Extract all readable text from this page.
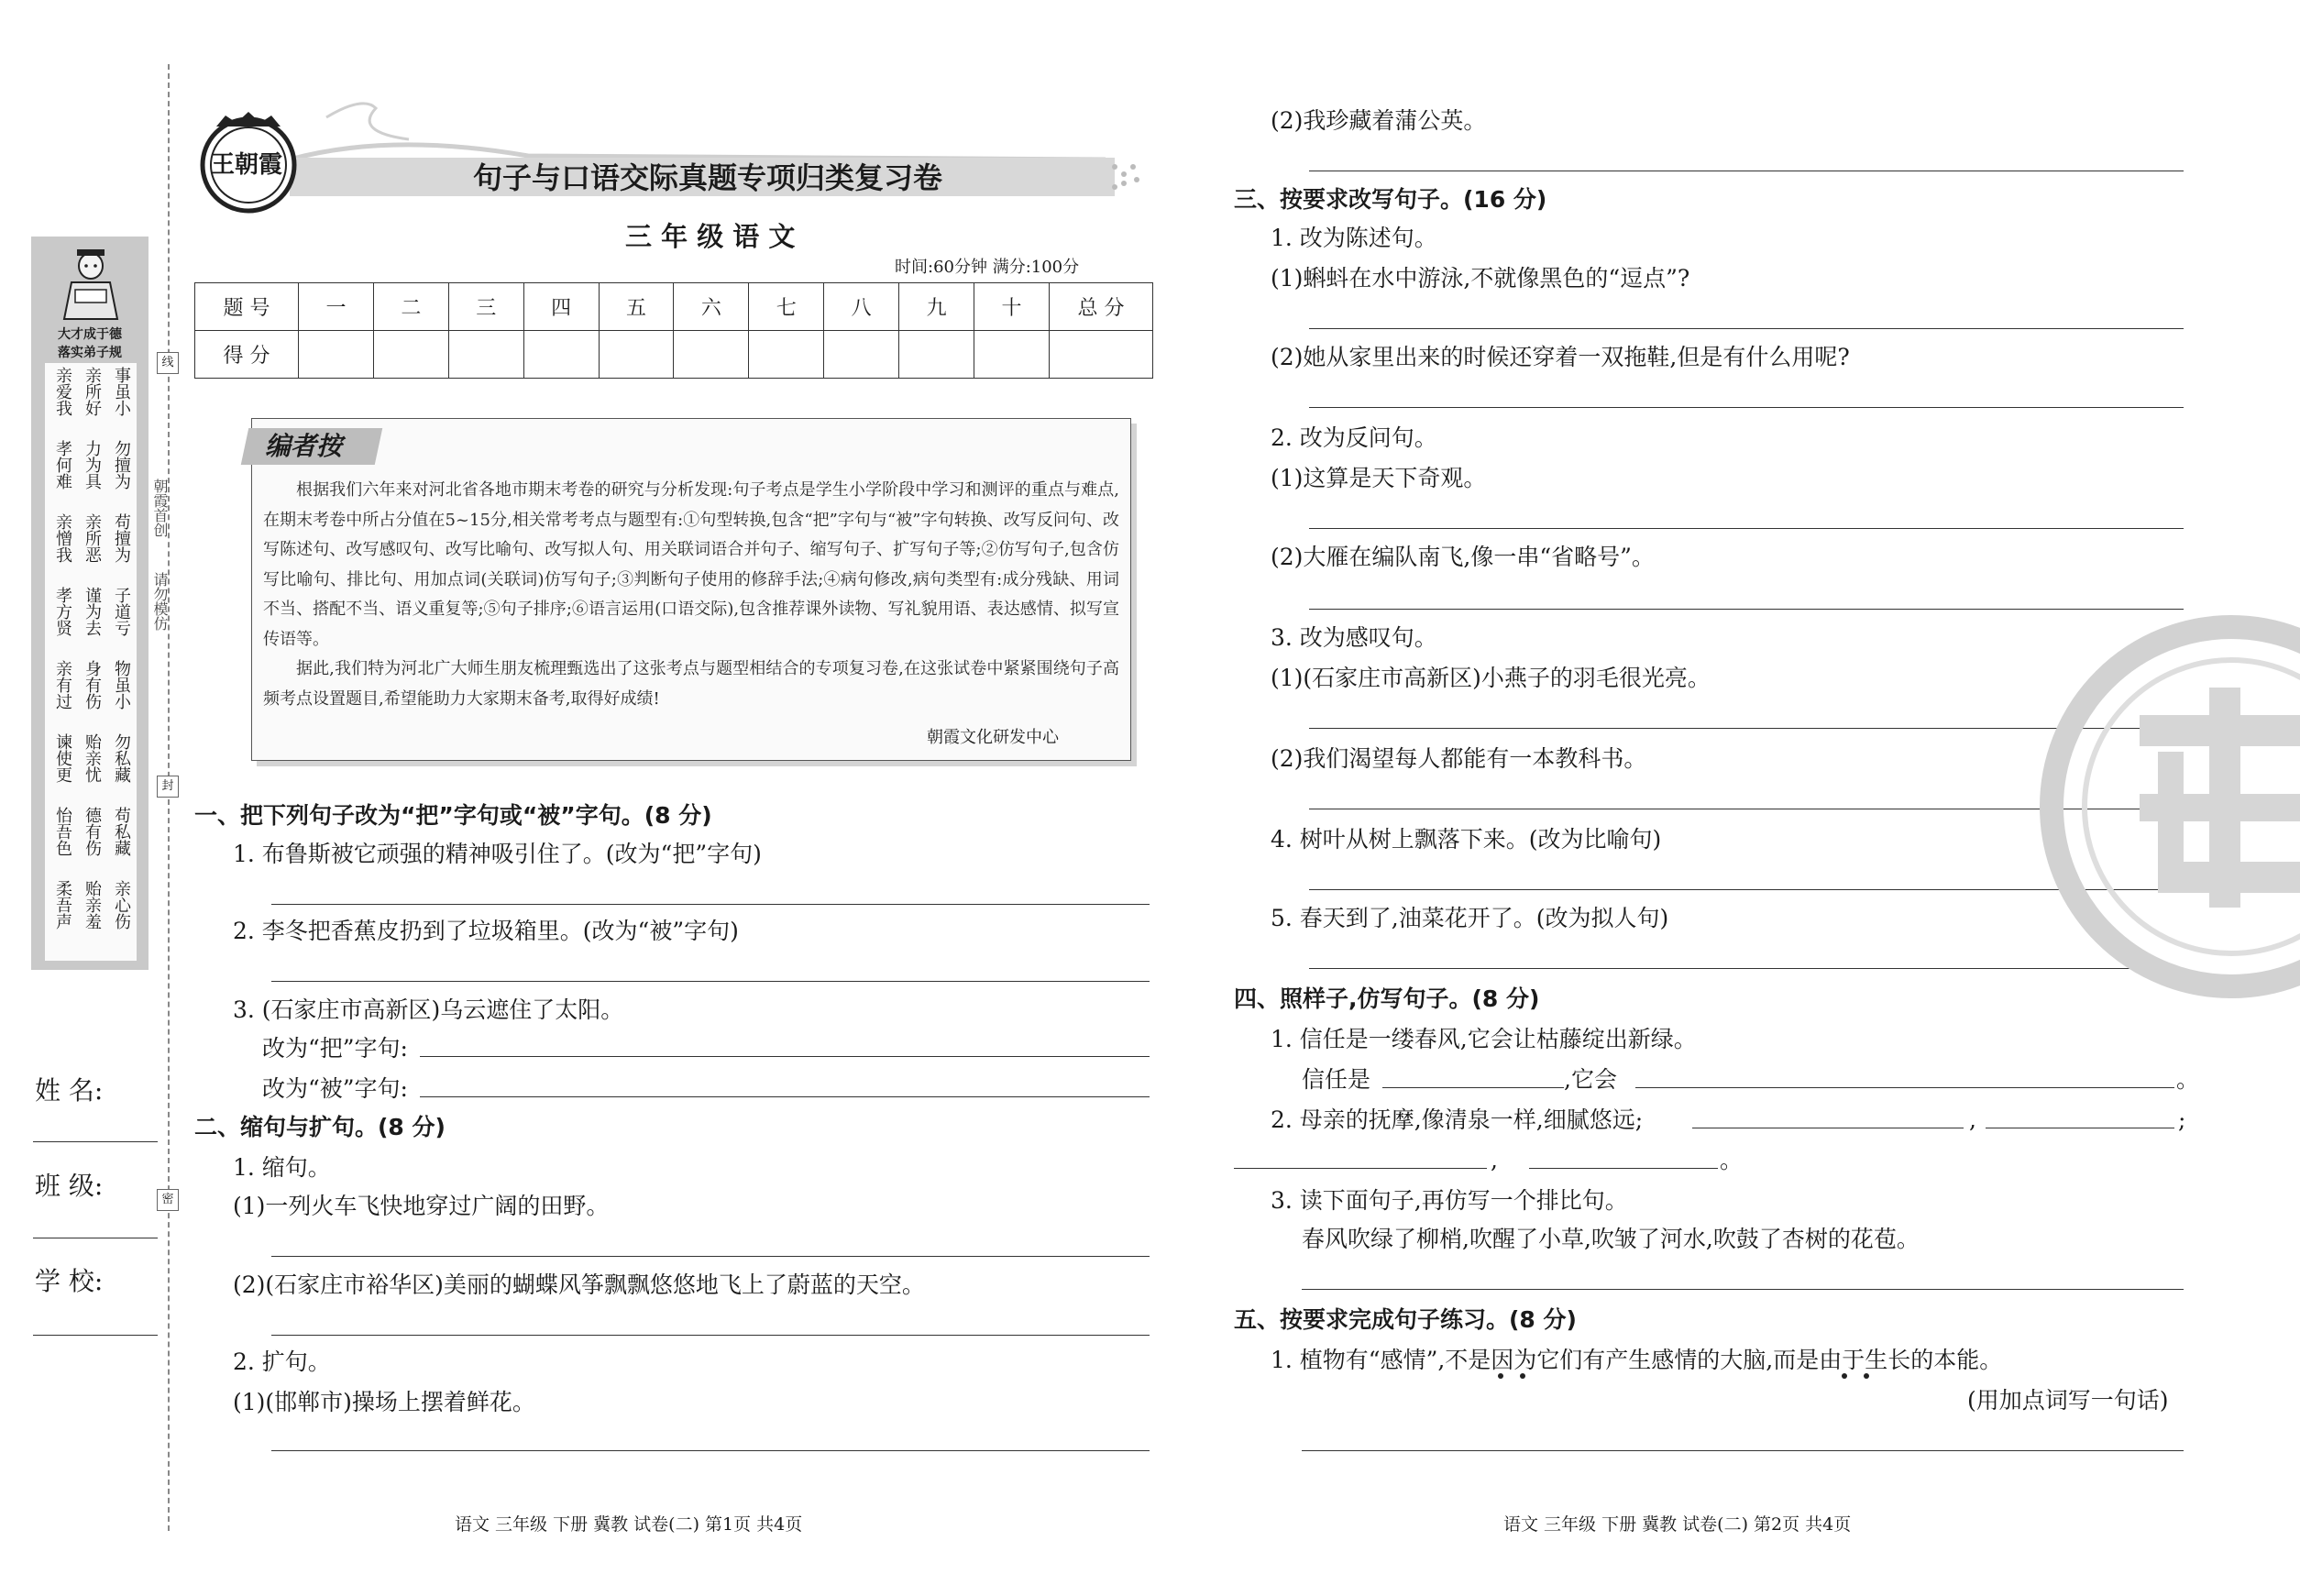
朝霞首创
请勿模仿
线
封
密
大才成于德
落实弟子规
亲爱我 亲所好 事虽小
孝何难 力为具 勿擅为
亲憎我 亲所恶 苟擅为
孝方贤 谨为去 子道亏
亲有过 身有伤 物虽小
谏使更 贻亲忧 勿私藏
怡吾色 德有伤 苟私藏
柔吾声 贻亲羞 亲心伤
姓 名:
班 级:
学 校:
王朝霞	句子与口语交际真题专项归类复习卷
三 年 级 语 文
时间:60分钟 满分:100分
题 号	一	二	三	四	五	六	七	八	九	十	总 分
得 分											
编者按

根据我们六年来对河北省各地市期末考卷的研究与分析发现:句子考点是学生小学阶段中学习和测评的重点与难点,在期末考卷中所占分值在5~15分,相关常考考点与题型有:①句型转换,包含“把”字句与“被”字句转换、改写反问句、改写陈述句、改写感叹句、改写比喻句、改写拟人句、用关联词语合并句子、缩写句子、扩写句子等;②仿写句子,包含仿写比喻句、排比句、用加点词(关联词)仿写句子;③判断句子使用的修辞手法;④病句修改,病句类型有:成分残缺、用词不当、搭配不当、语义重复等;⑤句子排序;⑥语言运用(口语交际),包含推荐课外读物、写礼貌用语、表达感情、拟写宣传语等。

据此,我们特为河北广大师生朋友梳理甄选出了这张考点与题型相结合的专项复习卷,在这张试卷中紧紧围绕句子高频考点设置题目,希望能助力大家期末备考,取得好成绩!

朝霞文化研发中心
一、把下列句子改为“把”字句或“被”字句。(8 分)
1. 布鲁斯被它顽强的精神吸引住了。(改为“把”字句)
2. 李冬把香蕉皮扔到了垃圾箱里。(改为“被”字句)
3. (石家庄市高新区)乌云遮住了太阳。
改为“把”字句:
改为“被”字句:
二、缩句与扩句。(8 分)
1. 缩句。
(1)一列火车飞快地穿过广阔的田野。
(2)(石家庄市裕华区)美丽的蝴蝶风筝飘飘悠悠地飞上了蔚蓝的天空。
2. 扩句。
(1)(邯郸市)操场上摆着鲜花。
(2)我珍藏着蒲公英。
三、按要求改写句子。(16 分)
1. 改为陈述句。
(1)蝌蚪在水中游泳,不就像黑色的“逗点”?
(2)她从家里出来的时候还穿着一双拖鞋,但是有什么用呢?
2. 改为反问句。
(1)这算是天下奇观。
(2)大雁在编队南飞,像一串“省略号”。
3. 改为感叹句。
(1)(石家庄市高新区)小燕子的羽毛很光亮。
(2)我们渴望每人都能有一本教科书。
4. 树叶从树上飘落下来。(改为比喻句)
5. 春天到了,油菜花开了。(改为拟人句)
四、照样子,仿写句子。(8 分)
1. 信任是一缕春风,它会让枯藤绽出新绿。
信任是	,它会	。
2. 母亲的抚摩,像清泉一样,细腻悠远;	,	;
,	。
3. 读下面句子,再仿写一个排比句。
春风吹绿了柳梢,吹醒了小草,吹皱了河水,吹鼓了杏树的花苞。
五、按要求完成句子练习。(8 分)
1. 植物有“感情”,不是因为它们有产生感情的大脑,而是由于生长的本能。
(用加点词写一句话)
语文 三年级 下册 冀教 试卷(二) 第1页 共4页	语文 三年级 下册 冀教 试卷(二) 第2页 共4页
